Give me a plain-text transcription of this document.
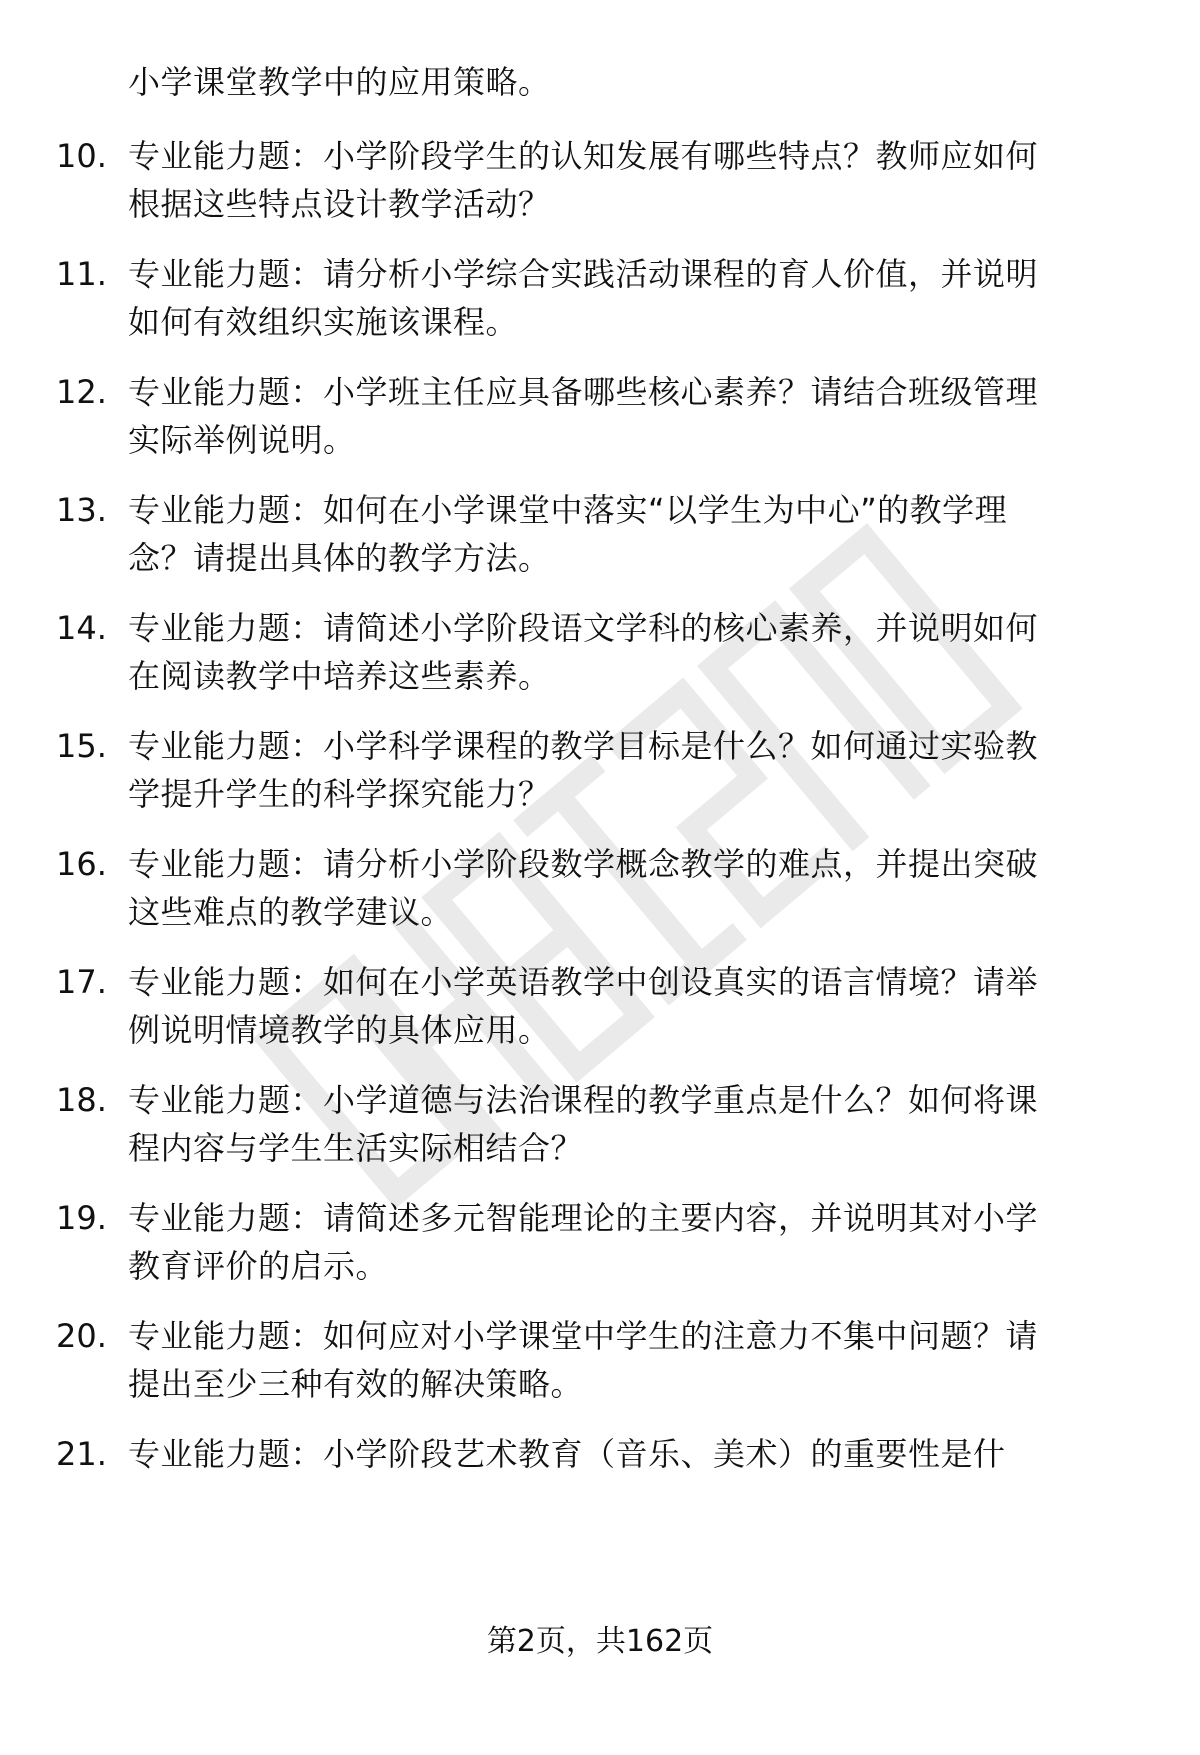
小学课堂教学中的应用策略。
10. 专业能力题：小学阶段学生的认知发展有哪些特点？教师应如何
根据这些特点设计教学活动？
11. 专业能力题：请分析小学综合实践活动课程的育人价值，并说明
如何有效组织实施该课程。
12. 专业能力题：小学班主任应具备哪些核心素养？请结合班级管理
实际举例说明。
13. 专业能力题：如何在小学课堂中落实“以学生为中心”的教学理
念？请提出具体的教学方法。
14. 专业能力题：请简述小学阶段语文学科的核心素养，并说明如何
在阅读教学中培养这些素养。
15. 专业能力题：小学科学课程的教学目标是什么？如何通过实验教
学提升学生的科学探究能力？
16. 专业能力题：请分析小学阶段数学概念教学的难点，并提出突破
这些难点的教学建议。
17. 专业能力题：如何在小学英语教学中创设真实的语言情境？请举
例说明情境教学的具体应用。
18. 专业能力题：小学道德与法治课程的教学重点是什么？如何将课
程内容与学生生活实际相结合？
19. 专业能力题：请简述多元智能理论的主要内容，并说明其对小学
教育评价的启示。
20. 专业能力题：如何应对小学课堂中学生的注意力不集中问题？请
提出至少三种有效的解决策略。
21. 专业能力题：小学阶段艺术教育（音乐、美术）的重要性是什
第2页，共162页
